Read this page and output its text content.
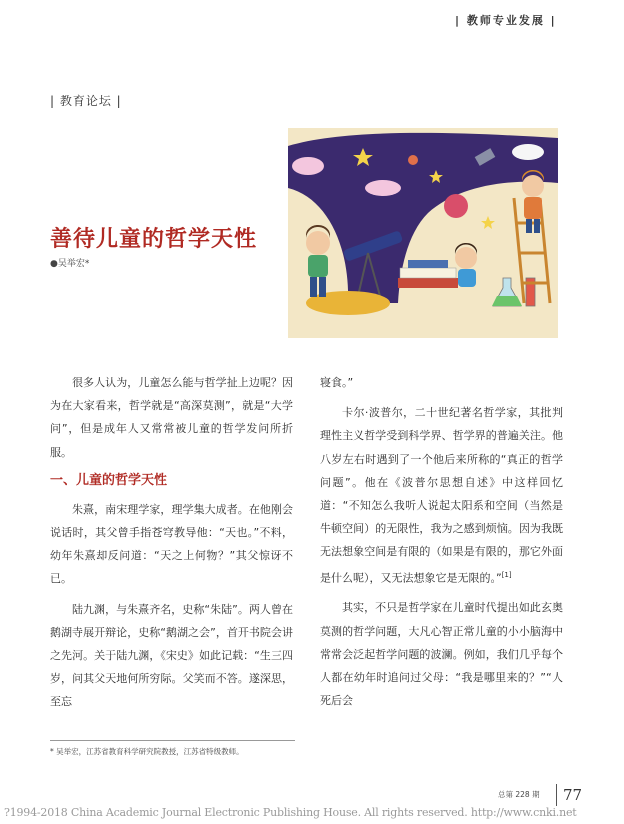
| 教师专业发展 |
| 教育论坛 |
善待儿童的哲学天性
●吴举宏*

很多人认为，儿童怎么能与哲学扯上边呢？因为在大家看来，哲学就是“高深莫测”，就是“大学问”，但是成年人又常常被儿童的哲学发问所折服。

一、儿童的哲学天性

朱熹，南宋理学家，理学集大成者。在他刚会说话时，其父曾手指苍穹教导他：“天也。”不料，幼年朱熹却反问道：“天之上何物？”其父惊讶不已。

陆九渊，与朱熹齐名，史称“朱陆”。两人曾在鹅湖寺展开辩论，史称“鹅湖之会”，首开书院会讲之先河。关于陆九渊，《宋史》如此记载：“生三四岁，问其父天地何所穷际。父笑而不答。遂深思，至忘

寝食。”

卡尔·波普尔，二十世纪著名哲学家，其批判理性主义哲学受到科学界、哲学界的普遍关注。他八岁左右时遇到了一个他后来所称的“真正的哲学问题”。他在《波普尔思想自述》中这样回忆道：“不知怎么我听人说起太阳系和空间（当然是牛顿空间）的无限性，我为之感到烦恼。因为我既无法想象空间是有限的（如果是有限的，那它外面是什么呢），又无法想象它是无限的。”[1]

其实，不只是哲学家在儿童时代提出如此玄奥莫测的哲学问题，大凡心智正常儿童的小小脑海中常常会泛起哲学问题的波澜。例如，我们几乎每个人都在幼年时追问过父母：“我是哪里来的？”“人死后会

* 吴举宏，江苏省教育科学研究院教授，江苏省特级教师。
总第 228 期 77
?1994-2018 China Academic Journal Electronic Publishing House. All rights reserved. http://www.cnki.net
